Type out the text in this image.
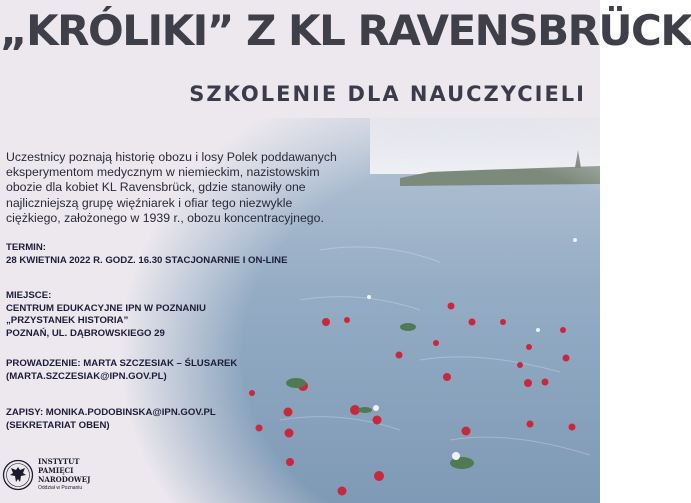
„KRÓLIKI” Z KL RAVENSBRÜCK
SZKOLENIE DLA NAUCZYCIELI

Uczestnicy poznają historię obozu i losy Polek poddawanych eksperymentom medycznym w niemieckim, nazistowskim obozie dla kobiet KL Ravensbrück, gdzie stanowiły one najliczniejszą grupę więźniarek i ofiar tego niezwykle ciężkiego, założonego w 1939 r., obozu koncentracyjnego.

TERMIN:
28 KWIETNIA 2022 R. GODZ. 16.30 STACJONARNIE I ON-LINE
MIEJSCE:
CENTRUM EDUKACYJNE IPN W POZNANIU
„PRZYSTANEK HISTORIA”
POZNAŃ, UL. DĄBROWSKIEGO 29
PROWADZENIE: MARTA SZCZESIAK – ŚLUSAREK
(MARTA.SZCZESIAK@IPN.GOV.PL)
ZAPISY: MONIKA.PODOBINSKA@IPN.GOV.PL
(SEKRETARIAT OBEN)
INSTYTUT
PAMIĘCI
NARODOWEJ
Oddział w Poznaniu
